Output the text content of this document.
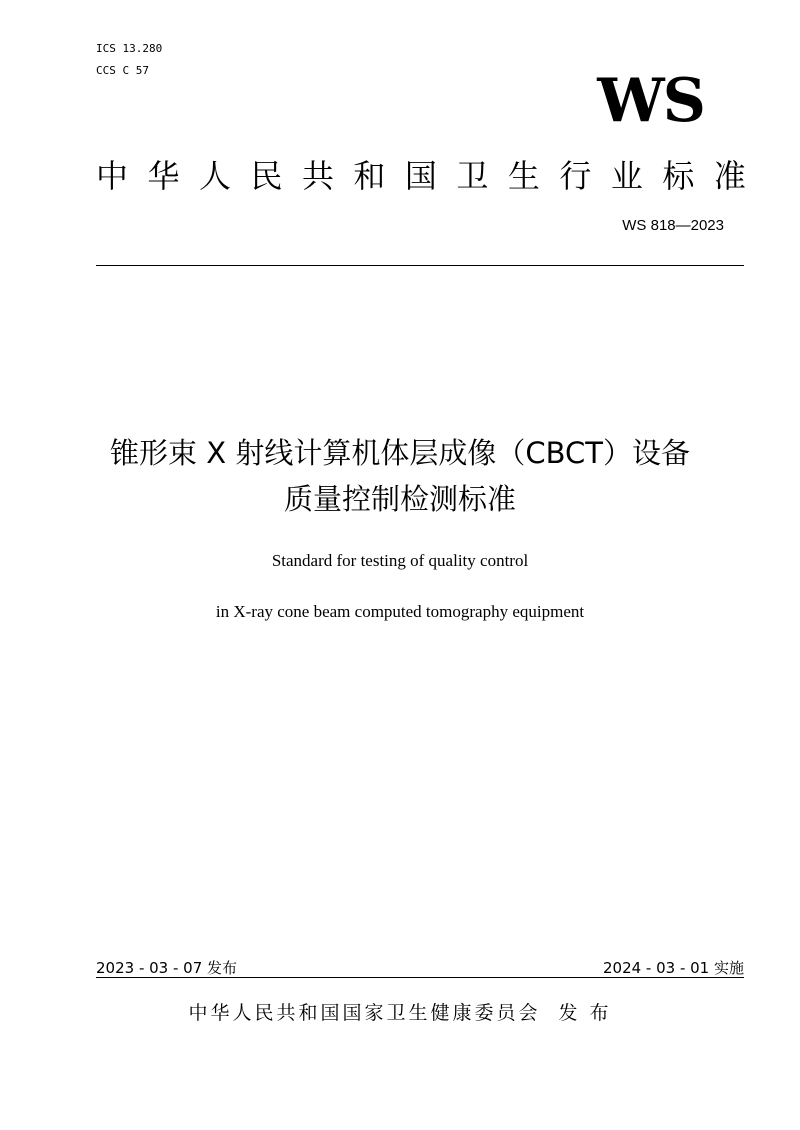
ICS 13.280
CCS C 57	WS
中 华 人 民 共 和 国 卫 生 行 业 标 准
WS 818—2023
锥形束 X 射线计算机体层成像（CBCT）设备
质量控制检测标准
Standard for testing of quality control
in X-ray cone beam computed tomography equipment
2023 - 03 - 07 发布	2024 - 03 - 01 实施
中华人民共和国国家卫生健康委员会  发 布
